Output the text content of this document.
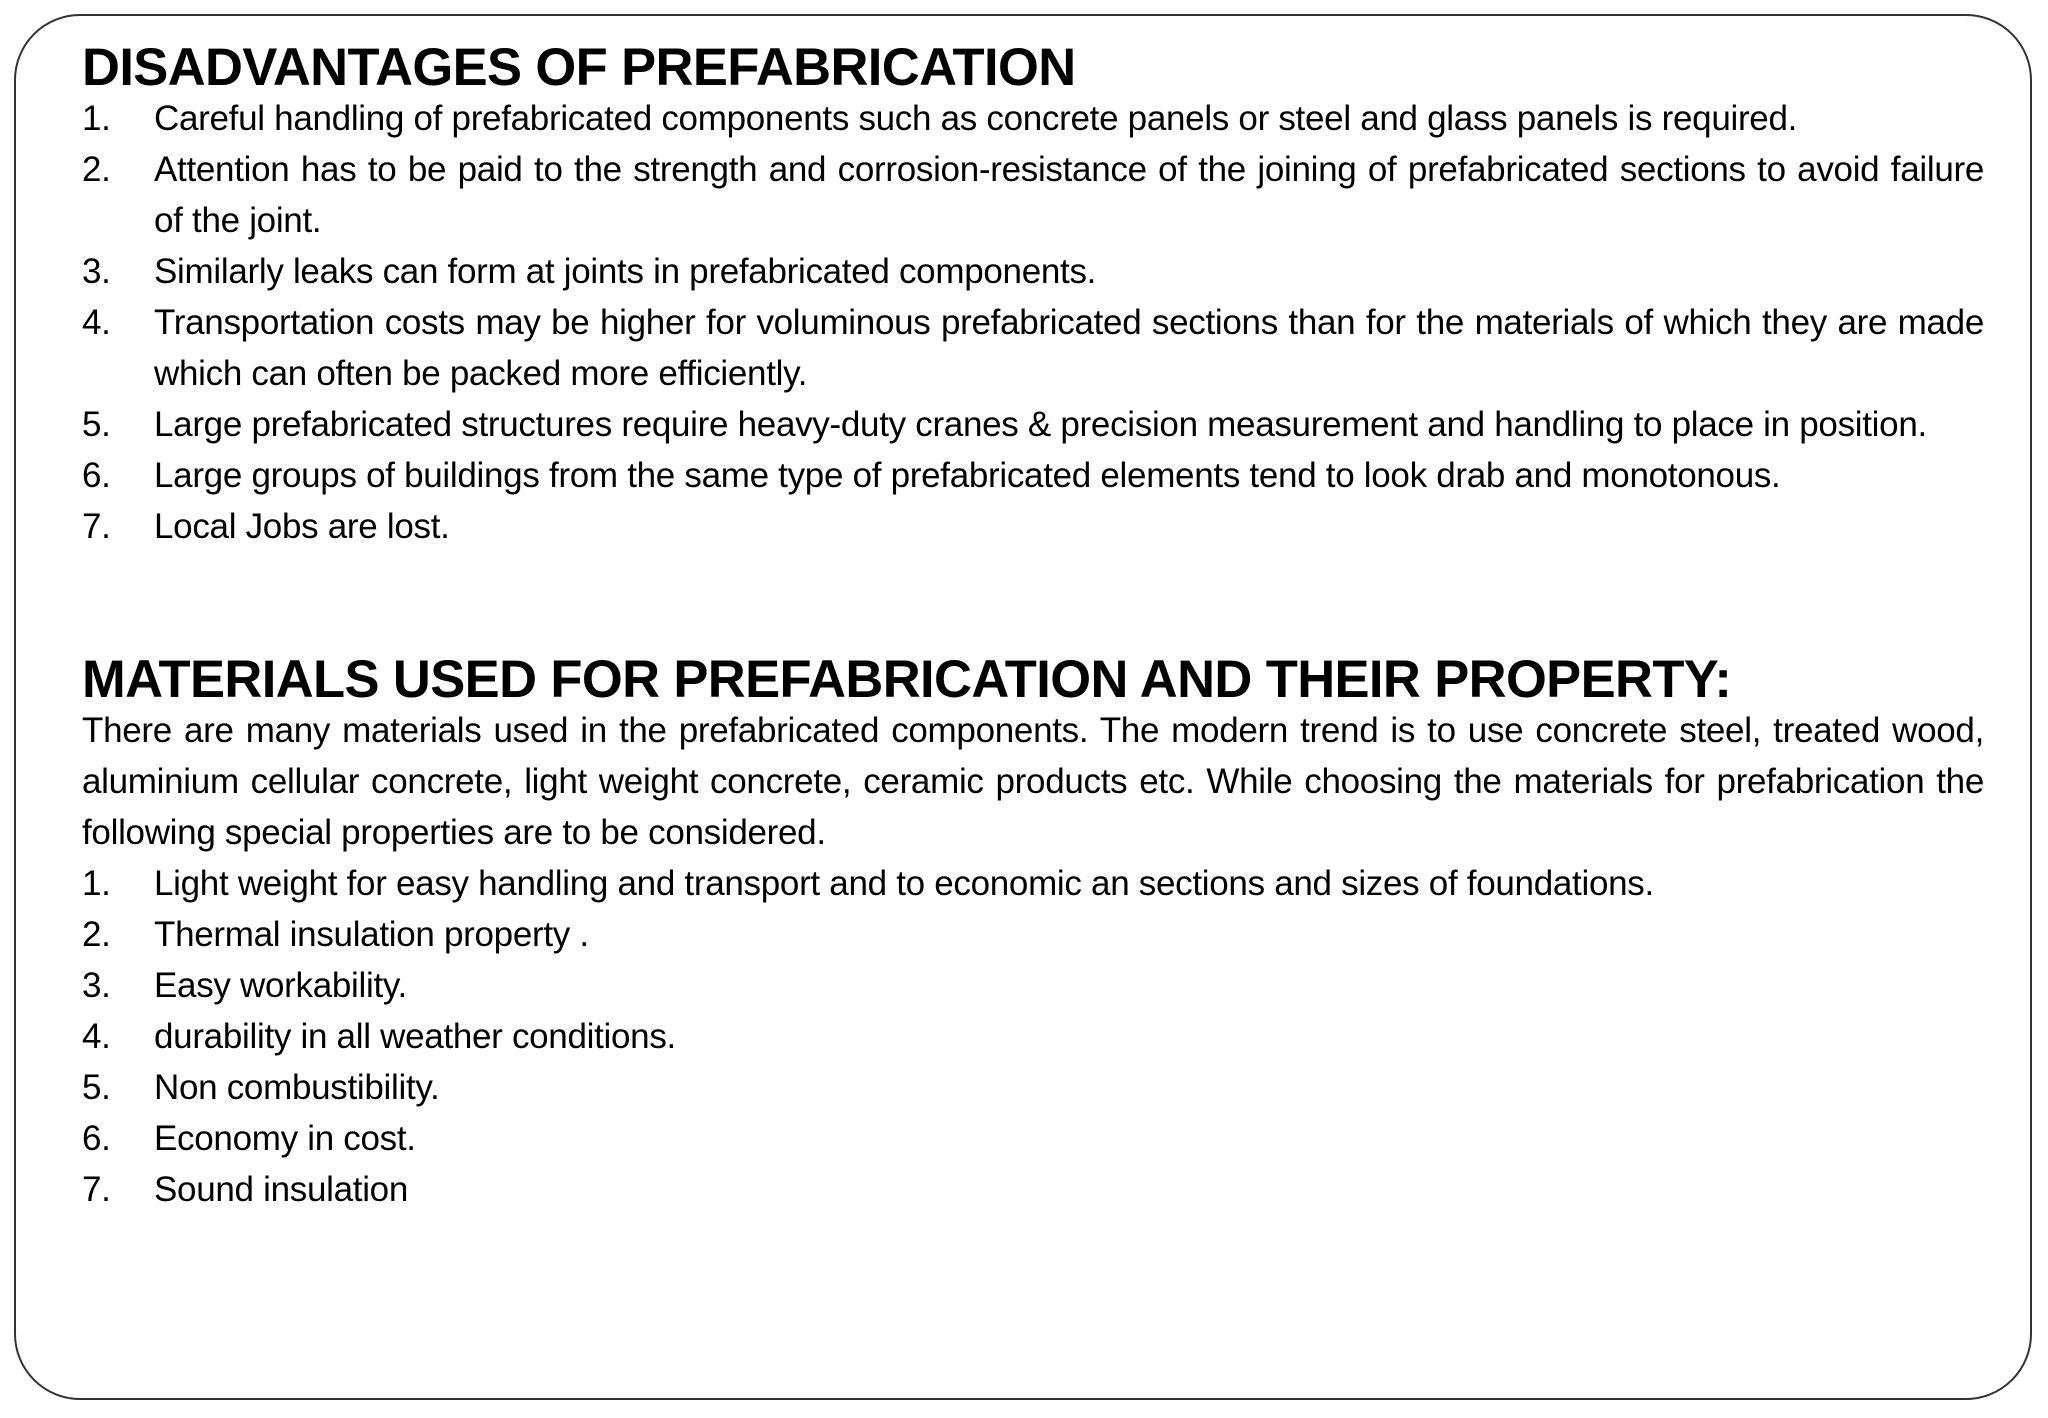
DISADVANTAGES OF PREFABRICATION
1.	Careful handling of prefabricated components such as concrete panels or steel and glass panels is required.
2.	Attention has to be paid to the strength and corrosion-resistance of the joining of prefabricated sections to avoid failure of the joint.
3.	Similarly leaks can form at joints in prefabricated components.
4.	Transportation costs may be higher for voluminous prefabricated sections than for the materials of which they are made which can often be packed more efficiently.
5.	Large prefabricated structures require heavy-duty cranes & precision measurement and handling to place in position.
6.	Large groups of buildings from the same type of prefabricated elements tend to look drab and monotonous.
7.	Local Jobs are lost.
MATERIALS USED FOR PREFABRICATION AND THEIR PROPERTY:

There are many materials used in the prefabricated components. The modern trend is to use concrete steel, treated wood, aluminium cellular concrete, light weight concrete, ceramic products etc. While choosing the materials for prefabrication the following special properties are to be considered.

1.	Light weight for easy handling and transport and to economic an sections and sizes of foundations.
2.	Thermal insulation property .
3.	Easy workability.
4.	durability in all weather conditions.
5.	Non combustibility.
6.	Economy in cost.
7.	Sound insulation
